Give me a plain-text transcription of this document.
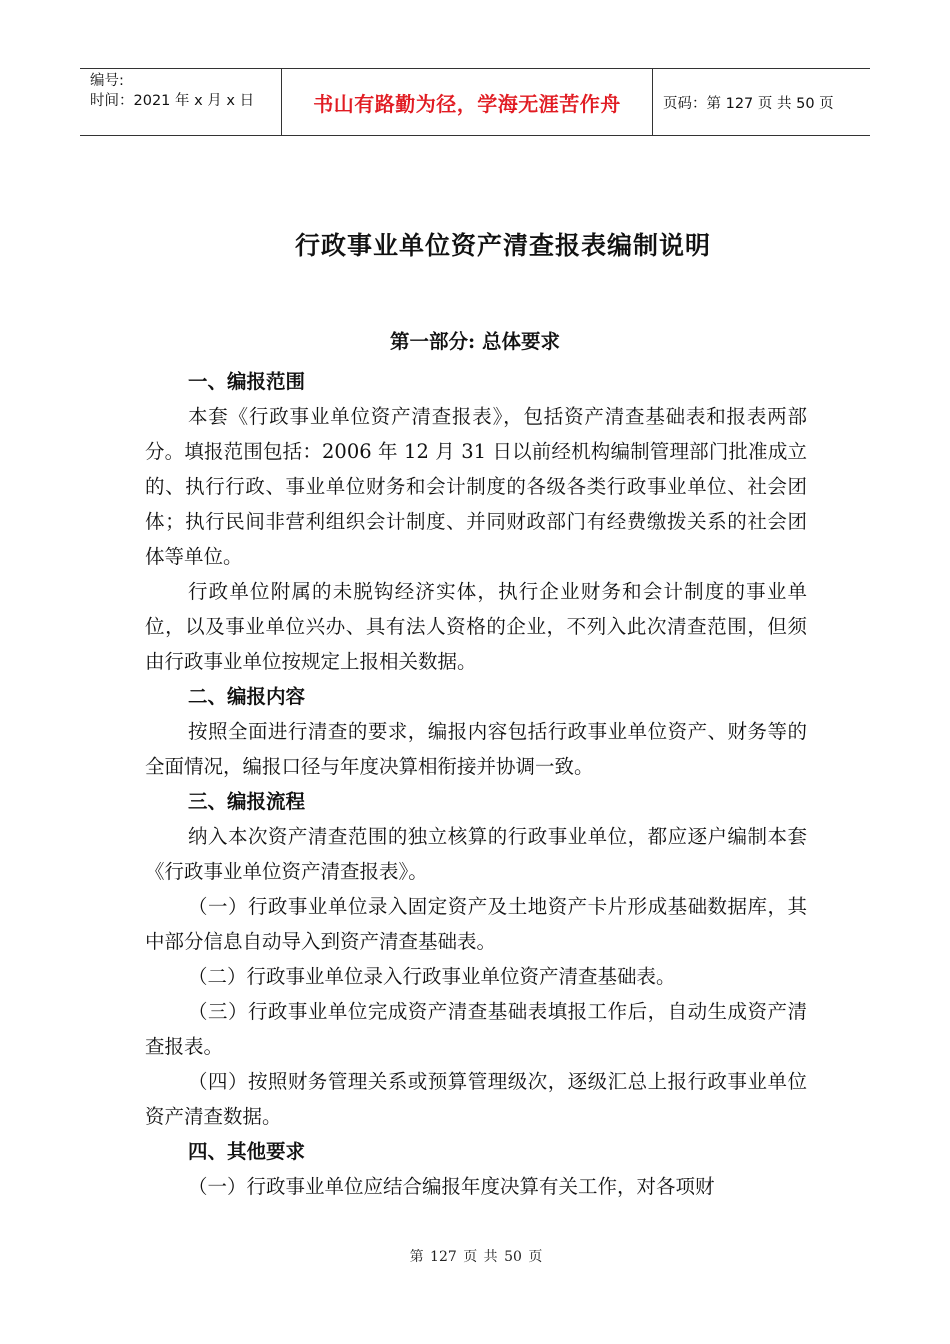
编号:
时间：2021 年 x 月 x 日	书山有路勤为径，学海无涯苦作舟	页码：第 127 页 共 50 页
行政事业单位资产清查报表编制说明
第一部分: 总体要求

一、编报范围

本套《行政事业单位资产清查报表》，包括资产清查基础表和报表两部分。填报范围包括：2006 年 12 月 31 日以前经机构编制管理部门批准成立的、执行行政、事业单位财务和会计制度的各级各类行政事业单位、社会团体；执行民间非营利组织会计制度、并同财政部门有经费缴拨关系的社会团体等单位。

行政单位附属的未脱钩经济实体，执行企业财务和会计制度的事业单位，以及事业单位兴办、具有法人资格的企业，不列入此次清查范围，但须由行政事业单位按规定上报相关数据。

二、编报内容

按照全面进行清查的要求，编报内容包括行政事业单位资产、财务等的全面情况，编报口径与年度决算相衔接并协调一致。

三、编报流程

纳入本次资产清查范围的独立核算的行政事业单位，都应逐户编制本套《行政事业单位资产清查报表》。

（一）行政事业单位录入固定资产及土地资产卡片形成基础数据库，其中部分信息自动导入到资产清查基础表。

（二）行政事业单位录入行政事业单位资产清查基础表。

（三）行政事业单位完成资产清查基础表填报工作后，自动生成资产清查报表。

（四）按照财务管理关系或预算管理级次，逐级汇总上报行政事业单位资产清查数据。

四、其他要求

（一）行政事业单位应结合编报年度决算有关工作，对各项财

第 127 页 共 50 页
